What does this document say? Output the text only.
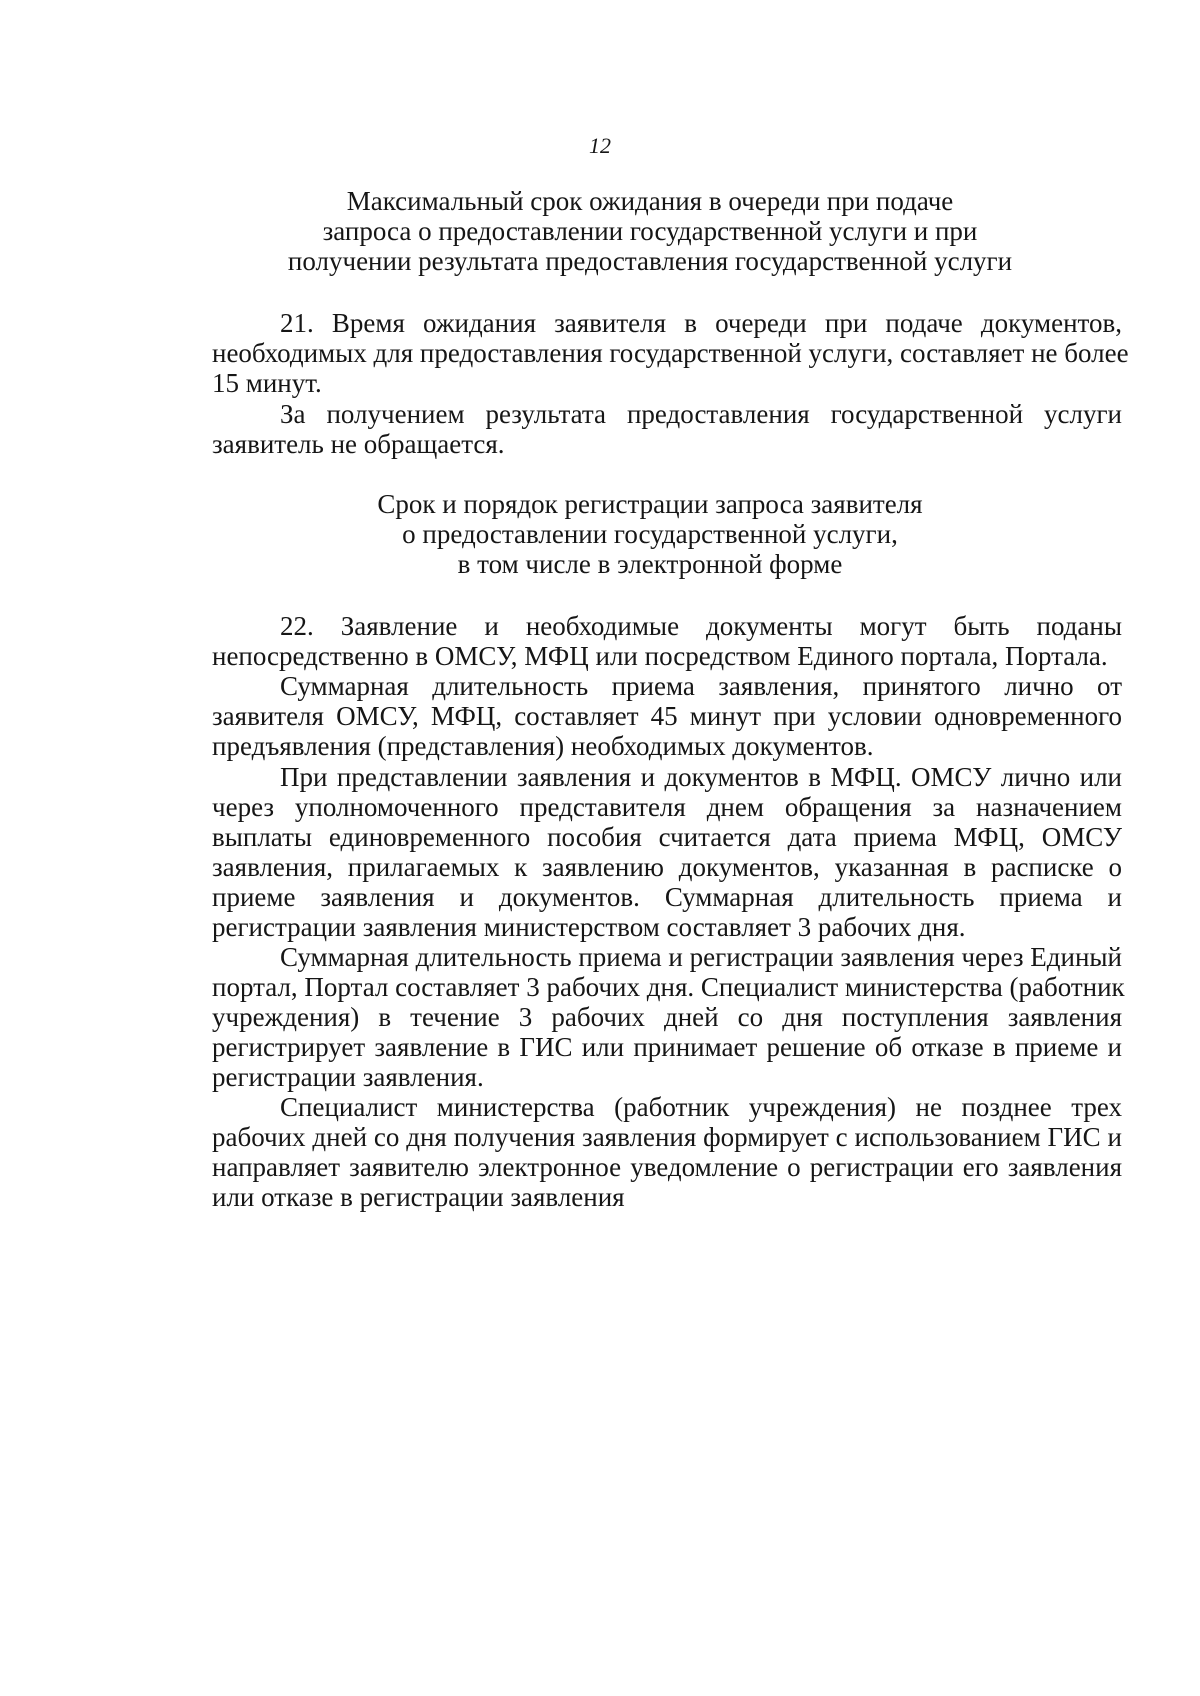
12
Максимальный срок ожидания в очереди при подаче
запроса о предоставлении государственной услуги и при
получении результата предоставления государственной услуги
21. Время ожидания заявителя в очереди при подаче документов,
необходимых для предоставления государственной услуги, составляет не более
15 минут.
За получением результата предоставления государственной услуги
заявитель не обращается.
Срок и порядок регистрации запроса заявителя
о предоставлении государственной услуги,
в том числе в электронной форме
22. Заявление и необходимые документы могут быть поданы
непосредственно в ОМСУ, МФЦ или посредством Единого портала, Портала.
Суммарная длительность приема заявления, принятого лично от
заявителя ОМСУ, МФЦ, составляет 45 минут при условии одновременного
предъявления (представления) необходимых документов.
При представлении заявления и документов в МФЦ. ОМСУ лично или
через уполномоченного представителя днем обращения за назначением
выплаты единовременного пособия считается дата приема МФЦ, ОМСУ
заявления, прилагаемых к заявлению документов, указанная в расписке о
приеме заявления и документов. Суммарная длительность приема и
регистрации заявления министерством составляет 3 рабочих дня.
Суммарная длительность приема и регистрации заявления через Единый
портал, Портал составляет 3 рабочих дня. Специалист министерства (работник
учреждения) в течение 3 рабочих дней со дня поступления заявления
регистрирует заявление в ГИС или принимает решение об отказе в приеме и
регистрации заявления.
Специалист министерства (работник учреждения) не позднее трех
рабочих дней со дня получения заявления формирует с использованием ГИС и
направляет заявителю электронное уведомление о регистрации его заявления
или отказе в регистрации заявления
